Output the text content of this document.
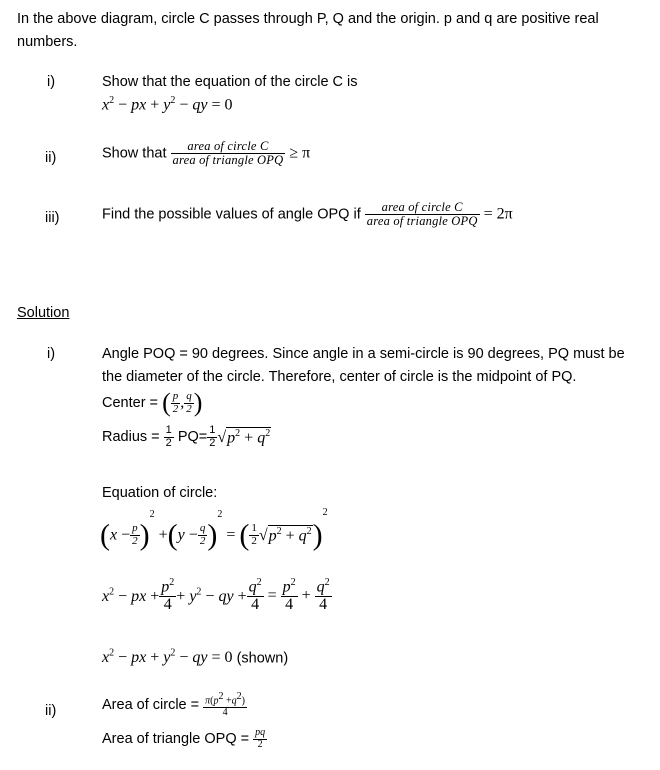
In the above diagram, circle C passes through P, Q and the origin. p and q are positive real
numbers.
i)	Show that the equation of the circle C is
$x^2$ − px + $y^2$ − qy = 0
ii)	Show that $\frac{\text{area of circle C}}{\text{area of triangle OPQ}} \ge \pi$
iii)	Find the possible values of angle OPQ if $\frac{\text{area of circle C}}{\text{area of triangle OPQ}} = 2\pi$
Solution
i)	Angle POQ = 90 degrees. Since angle in a semi-circle is 90 degrees, PQ must be
the diameter of the circle. Therefore, center of circle is the midpoint of PQ.
Center = ( $\frac{p}{2}$ , $\frac{q}{2}$ )
Radius = $\frac{1}{2} PQ= \frac{1}{2} √p^2 + q^2$
Equation of circle:
$(x - \frac{p}{2} )^2 +(y - \frac{q}{2} )^2$ = ( $\frac{1}{2} √p^2 + q^2)^2$
$x^2$ − px + $\frac{p^2}{4} + y^2$ − qy + $\frac{q^2}{4} = \frac{p^2}{4} + \frac{q^2}{4}$
$x^2$ − px + $y^2$ − qy = 0 (shown)
ii)	Area of circle = $\frac{\pi(p^2 +q^2)}{4}$
Area of triangle OPQ = $\frac{pq}{2}$
